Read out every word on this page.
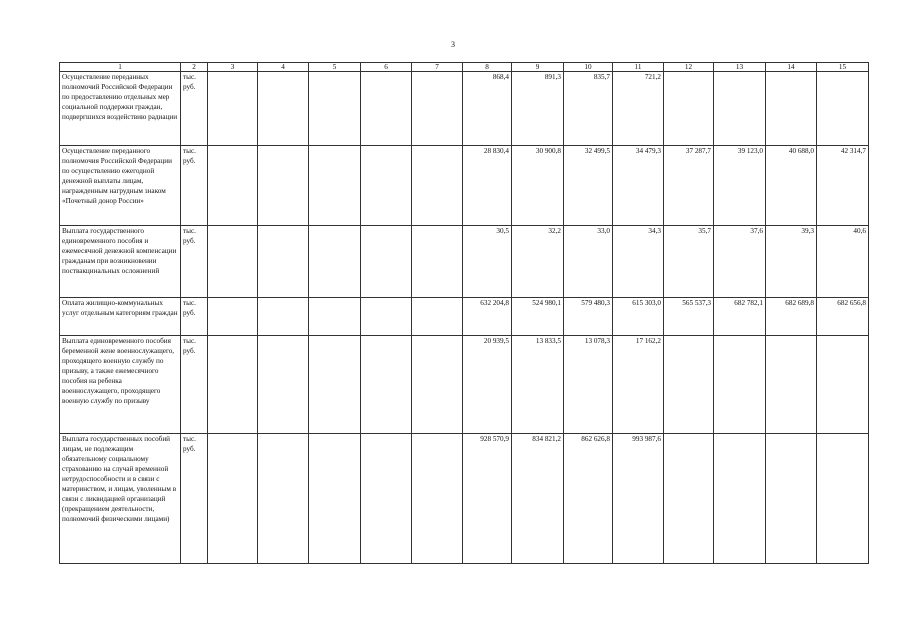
3
1	2	3	4	5	6	7	8	9	10	11	12	13	14	15
Осуществление переданных полномочий Российской Федерации по предоставлению отдельных мер социальной поддержки граждан, подвергшихся воздействию радиации	тыс. руб.						868,4	891,3	835,7	721,2				
Осуществление переданного полномочия Российской Федерации по осуществлению ежегодной денежной выплаты лицам, награжденным нагрудным знаком «Почетный донор России»	тыс. руб.						28 830,4	30 900,8	32 499,5	34 479,3	37 287,7	39 123,0	40 688,0	42 314,7
Выплата государственного единовременного пособия и ежемесячной денежной компенсации гражданам при возникновении поствакцинальных осложнений	тыс. руб.						30,5	32,2	33,0	34,3	35,7	37,6	39,3	40,6
Оплата жилищно-коммунальных услуг отдельным категориям граждан	тыс. руб.						632 204,8	524 980,1	579 480,3	615 303,0	565 537,3	682 782,1	682 689,8	682 656,8
Выплата единовременного пособия беременной жене военнослужащего, проходящего военную службу по призыву, а также ежемесячного пособия на ребенка военнослужащего, проходящего военную службу по призыву	тыс. руб.						20 939,5	13 833,5	13 078,3	17 162,2				
Выплата государственных пособий лицам, не подлежащим обязательному социальному страхованию на случай временной нетрудоспособности и в связи с материнством, и лицам, уволенным в связи с ликвидацией организаций (прекращением деятельности, полномочий физическими лицами)	тыс. руб.						928 570,9	834 821,2	862 626,8	993 987,6				
